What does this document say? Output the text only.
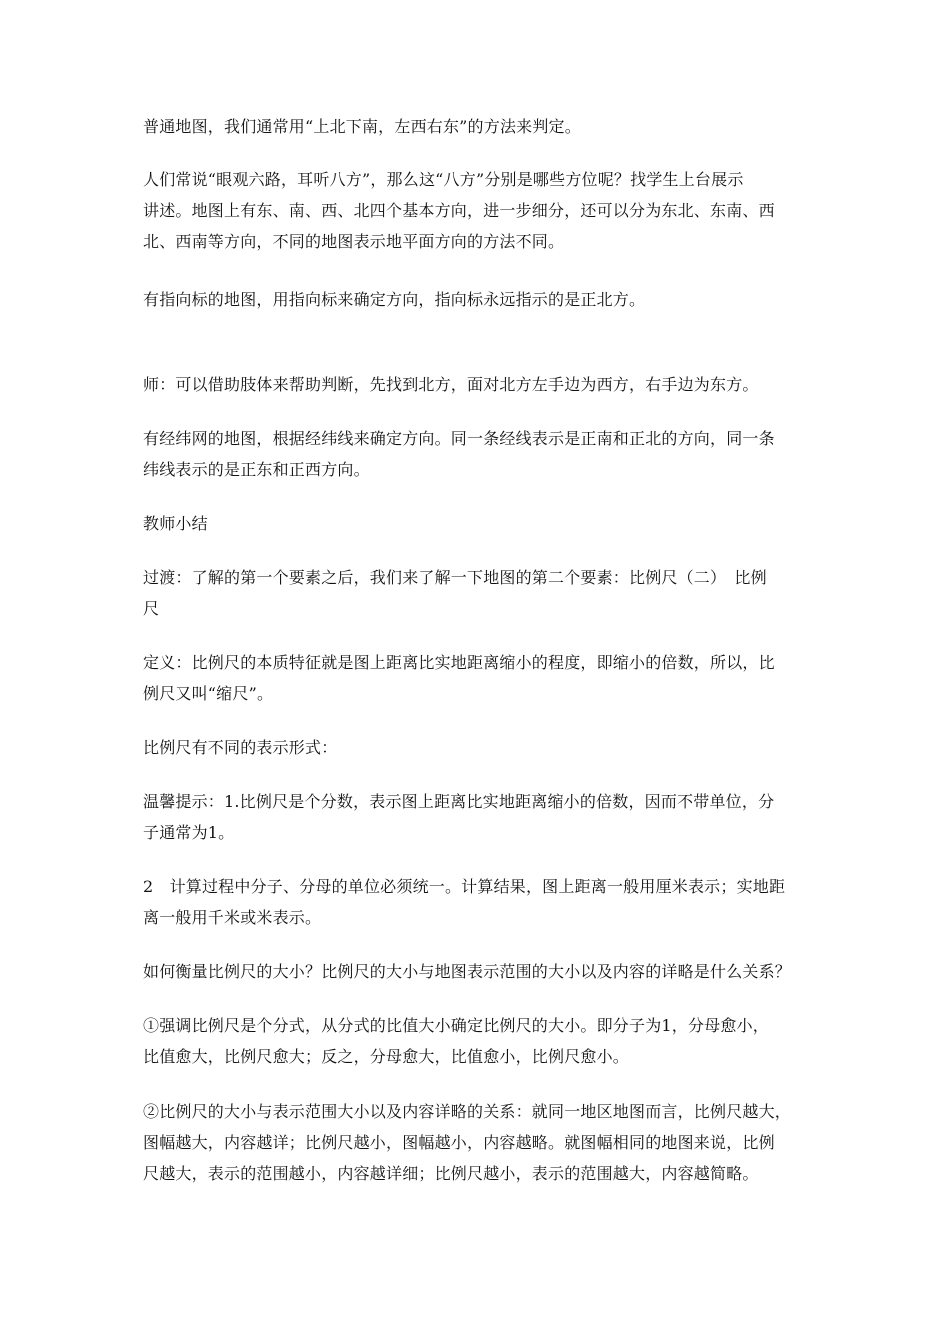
普通地图，我们通常用“上北下南，左西右东”的方法来判定。

人们常说“眼观六路，耳听八方”，那么这“八方”分别是哪些方位呢？找学生上台展示
讲述。地图上有东、南、西、北四个基本方向，进一步细分，还可以分为东北、东南、西
北、西南等方向，不同的地图表示地平面方向的方法不同。

有指向标的地图，用指向标来确定方向，指向标永远指示的是正北方。

师：可以借助肢体来帮助判断，先找到北方，面对北方左手边为西方，右手边为东方。

有经纬网的地图，根据经纬线来确定方向。同一条经线表示是正南和正北的方向，同一条
纬线表示的是正东和正西方向。

教师小结

过渡：了解的第一个要素之后，我们来了解一下地图的第二个要素：比例尺（二）　比例
尺

定义：比例尺的本质特征就是图上距离比实地距离缩小的程度，即缩小的倍数，所以，比
例尺又叫“缩尺”。

比例尺有不同的表示形式：

温馨提示：1.比例尺是个分数，表示图上距离比实地距离缩小的倍数，因而不带单位，分
子通常为1。

2　计算过程中分子、分母的单位必须统一。计算结果，图上距离一般用厘米表示；实地距
离一般用千米或米表示。

如何衡量比例尺的大小？比例尺的大小与地图表示范围的大小以及内容的详略是什么关系？

①强调比例尺是个分式，从分式的比值大小确定比例尺的大小。即分子为1，分母愈小，
比值愈大，比例尺愈大；反之，分母愈大，比值愈小，比例尺愈小。

②比例尺的大小与表示范围大小以及内容详略的关系：就同一地区地图而言，比例尺越大，
图幅越大，内容越详；比例尺越小，图幅越小，内容越略。就图幅相同的地图来说，比例
尺越大，表示的范围越小，内容越详细；比例尺越小，表示的范围越大，内容越简略。
